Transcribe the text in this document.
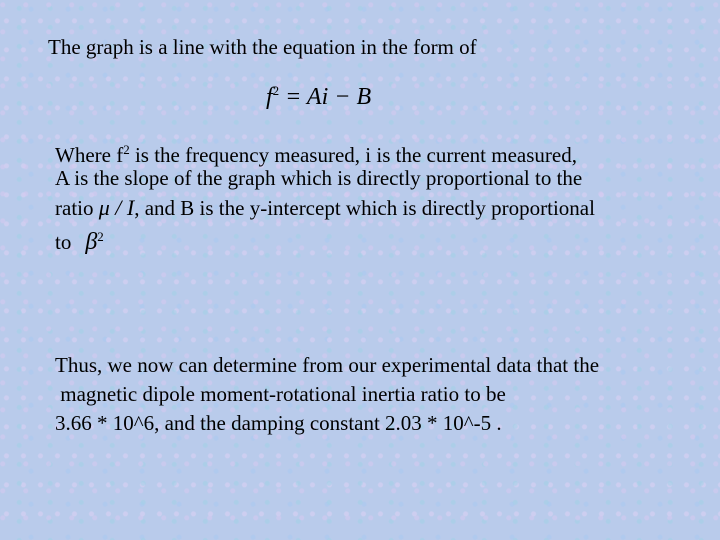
The graph is a line with the equation in the form of

$f^2 = Ai - B$
Where $f^2$ is the frequency measured, i is the current measured,
A is the slope of the graph which is directly proportional to the
ratio μ / I, and B is the y-intercept which is directly proportional
to $\beta^2$
Thus, we now can determine from our experimental data that the
magnetic dipole moment-rotational inertia ratio to be
3.66 * 10^6, and the damping constant 2.03 * 10^-5 .
